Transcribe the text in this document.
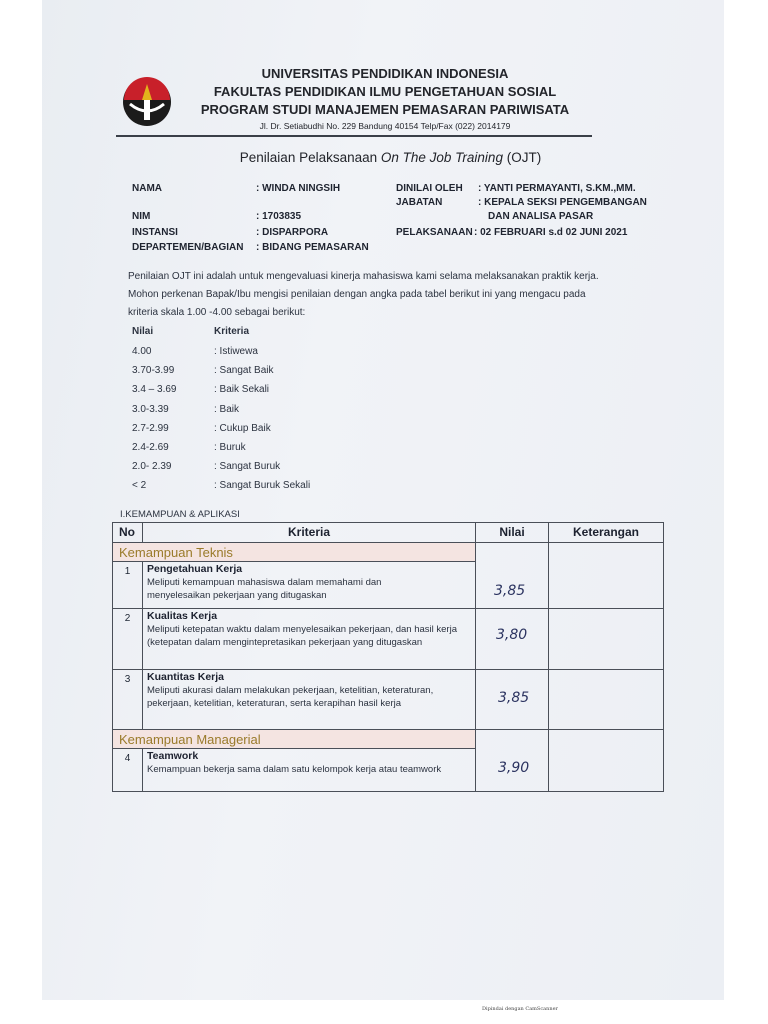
UNIVERSITAS PENDIDIKAN INDONESIA
FAKULTAS PENDIDIKAN ILMU PENGETAHUAN SOSIAL
PROGRAM STUDI MANAJEMEN PEMASARAN PARIWISATA
Jl. Dr. Setiabudhi No. 229 Bandung 40154 Telp/Fax (022) 2014179
Penilaian Pelaksanaan On The Job Training (OJT)
NAMA	: WINDA NINGSIH
NIM	: 1703835
INSTANSI	: DISPARPORA
DEPARTEMEN/BAGIAN : BIDANG PEMASARAN
DINILAI OLEH : YANTI PERMAYANTI, S.KM.,MM.
JABATAN	: KEPALA SEKSI PENGEMBANGAN
DAN ANALISA PASAR
PELAKSANAAN : 02 FEBRUARI s.d 02 JUNI 2021
Penilaian OJT ini adalah untuk mengevaluasi kinerja mahasiswa kami selama melaksanakan praktik kerja.
Mohon perkenan Bapak/Ibu mengisi penilaian dengan angka pada tabel berikut ini yang mengacu pada
kriteria skala 1.00 -4.00 sebagai berikut:
Nilai	Kriteria
4.00	: Istiwewa
3.70-3.99	: Sangat Baik
3.4 – 3.69	: Baik Sekali
3.0-3.39	: Baik
2.7-2.99	: Cukup Baik
2.4-2.69	: Buruk
2.0- 2.39	: Sangat Buruk
< 2	: Sangat Buruk Sekali
I.KEMAMPUAN & APLIKASI
No	Kriteria	Nilai	Keterangan
Kemampuan Teknis		3,85	

1	Pengetahuan Kerja
Meliputi kemampuan mahasiswa dalam memahami dan menyelesaikan pekerjaan yang ditugaskan		

2	Kualitas Kerja
Meliputi ketepatan waktu dalam menyelesaikan pekerjaan, dan hasil kerja (ketepatan dalam mengintepretasikan pekerjaan yang ditugaskan	3,80	

3	Kuantitas Kerja
Meliputi akurasi dalam melakukan pekerjaan, ketelitian, keteraturan, pekerjaan, ketelitian, keteraturan, serta kerapihan hasil kerja	3,85	

Kemampuan Managerial		3,90	

4	Teamwork
Kemampuan bekerja sama dalam satu kelompok kerja atau teamwork		
Dipindai dengan CamScanner
